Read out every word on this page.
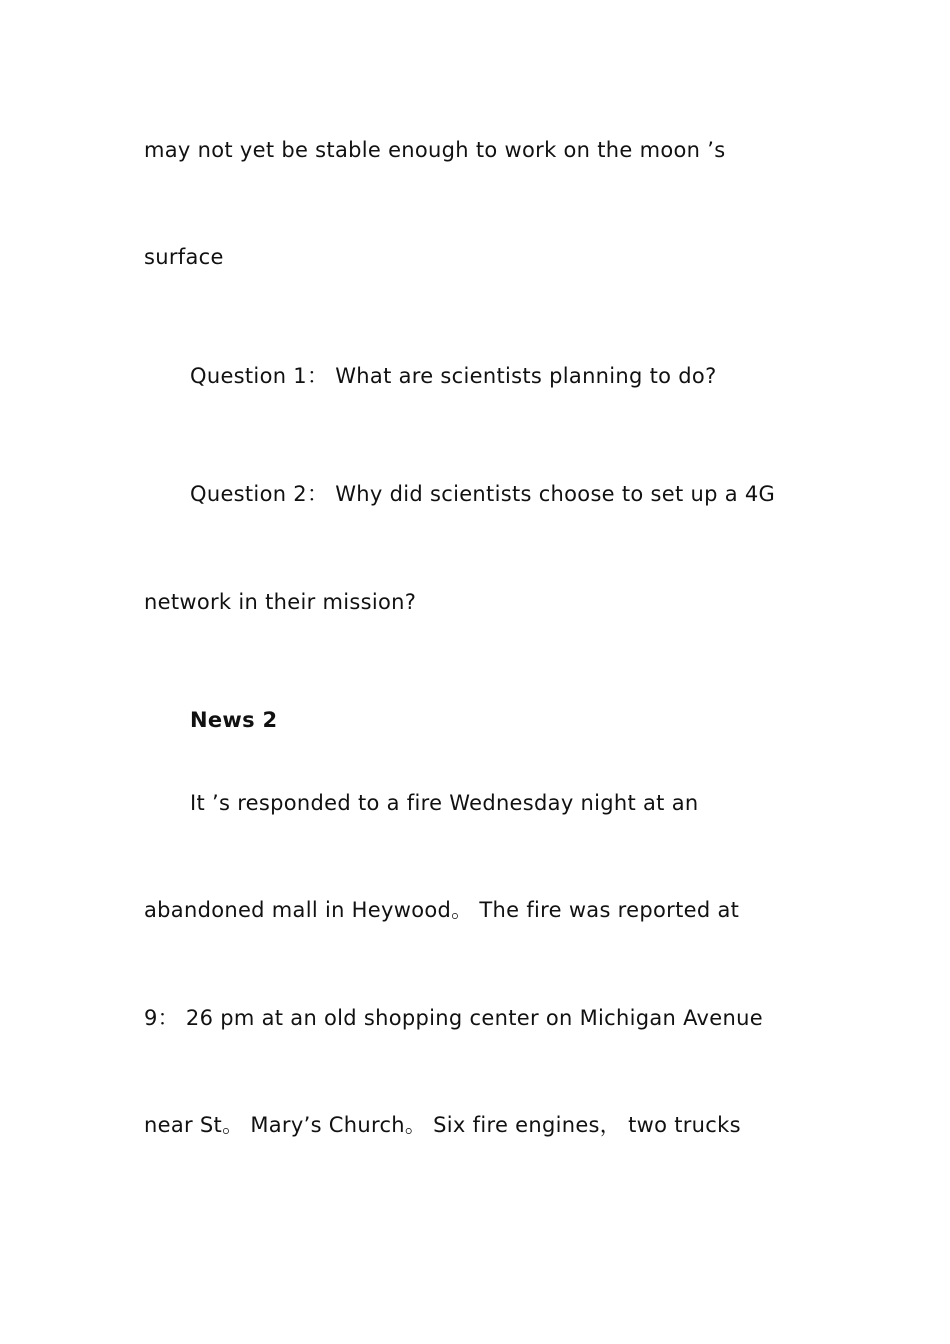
may not yet be stable enough to work on the moon ’s
surface
Question 1： What are scientists planning to do?
Question 2： Why did scientists choose to set up a 4G
network in their mission?
News 2
It ’s responded to a fire Wednesday night at an
abandoned mall in Heywood。 The fire was reported at
9： 26 pm at an old shopping center on Michigan Avenue
near St。 Mary’s Church。 Six fire engines， two trucks
